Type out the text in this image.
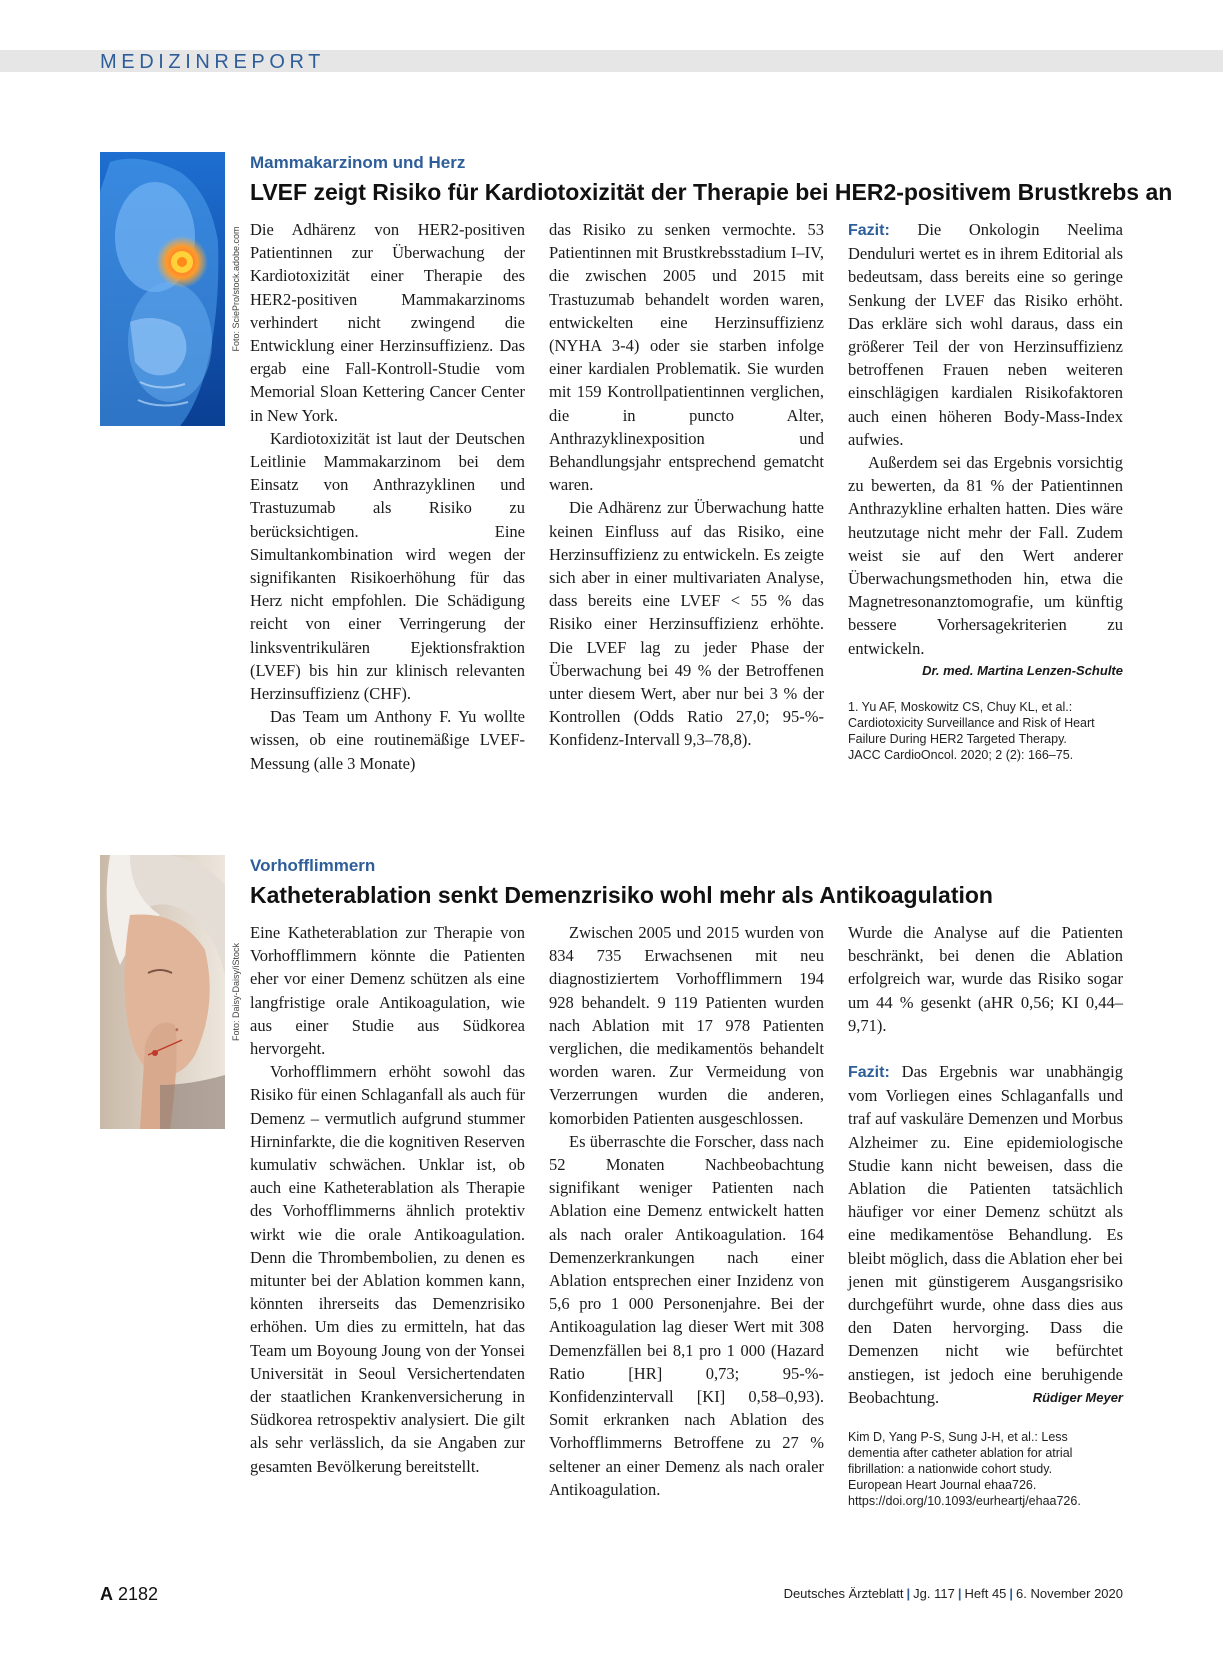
MEDIZINREPORT
Foto: SciePro/stock.adobe.com
Mammakarzinom und Herz
LVEF zeigt Risiko für Kardiotoxizität der Therapie bei HER2-positivem Brustkrebs an

Die Adhärenz von HER2-positiven Patientinnen zur Überwachung der Kardiotoxizität einer Therapie des HER2-positiven Mammakarzinoms verhindert nicht zwingend die Entwicklung einer Herzinsuffizienz. Das ergab eine Fall-Kontroll-Studie vom Memorial Sloan Kettering Cancer Center in New York.

Kardiotoxizität ist laut der Deutschen Leitlinie Mammakarzinom bei dem Einsatz von Anthrazyklinen und Trastuzumab als Risiko zu berücksichtigen. Eine Simultankombination wird wegen der signifikanten Risikoerhöhung für das Herz nicht empfohlen. Die Schädigung reicht von einer Verringerung der linksventrikulären Ejektionsfraktion (LVEF) bis hin zur klinisch relevanten Herzinsuffizienz (CHF).

Das Team um Anthony F. Yu wollte wissen, ob eine routinemäßige LVEF-Messung (alle 3 Monate)

das Risiko zu senken vermochte. 53 Patientinnen mit Brustkrebsstadium I–IV, die zwischen 2005 und 2015 mit Trastuzumab behandelt worden waren, entwickelten eine Herzinsuffizienz (NYHA 3-4) oder sie starben infolge einer kardialen Problematik. Sie wurden mit 159 Kontrollpatientinnen verglichen, die in puncto Alter, Anthrazyklinexposition und Behandlungsjahr entsprechend gematcht waren.

Die Adhärenz zur Überwachung hatte keinen Einfluss auf das Risiko, eine Herzinsuffizienz zu entwickeln. Es zeigte sich aber in einer multivariaten Analyse, dass bereits eine LVEF < 55 % das Risiko einer Herzinsuffizienz erhöhte. Die LVEF lag zu jeder Phase der Überwachung bei 49 % der Betroffenen unter diesem Wert, aber nur bei 3 % der Kontrollen (Odds Ratio 27,0; 95-%-Konfidenz-Intervall 9,3–78,8).

Fazit: Die Onkologin Neelima Denduluri wertet es in ihrem Editorial als bedeutsam, dass bereits eine so geringe Senkung der LVEF das Risiko erhöht. Das erkläre sich wohl daraus, dass ein größerer Teil der von Herzinsuffizienz betroffenen Frauen neben weiteren einschlägigen kardialen Risikofaktoren auch einen höheren Body-Mass-Index aufwies.

Außerdem sei das Ergebnis vorsichtig zu bewerten, da 81 % der Patientinnen Anthrazykline erhalten hatten. Dies wäre heutzutage nicht mehr der Fall. Zudem weist sie auf den Wert anderer Überwachungsmethoden hin, etwa die Magnetresonanztomografie, um künftig bessere Vorhersagekriterien zu entwickeln.

Dr. med. Martina Lenzen-Schulte
1. Yu AF, Moskowitz CS, Chuy KL, et al.:
Cardiotoxicity Surveillance and Risk of Heart
Failure During HER2 Targeted Therapy.
JACC CardioOncol. 2020; 2 (2): 166–75.
Foto: Daisy-Daisy/iStock
Vorhofflimmern
Katheterablation senkt Demenzrisiko wohl mehr als Antikoagulation

Eine Katheterablation zur Therapie von Vorhofflimmern könnte die Patienten eher vor einer Demenz schützen als eine langfristige orale Antikoagulation, wie aus einer Studie aus Südkorea hervorgeht.

Vorhofflimmern erhöht sowohl das Risiko für einen Schlaganfall als auch für Demenz – vermutlich aufgrund stummer Hirninfarkte, die die kognitiven Reserven kumulativ schwächen. Unklar ist, ob auch eine Katheterablation als Therapie des Vorhofflimmerns ähnlich protektiv wirkt wie die orale Antikoagulation. Denn die Thrombembolien, zu denen es mitunter bei der Ablation kommen kann, könnten ihrerseits das Demenzrisiko erhöhen. Um dies zu ermitteln, hat das Team um Boyoung Joung von der Yonsei Universität in Seoul Versichertendaten der staatlichen Krankenversicherung in Südkorea retrospektiv analysiert. Die gilt als sehr verlässlich, da sie Angaben zur gesamten Bevölkerung bereitstellt.

Zwischen 2005 und 2015 wurden von 834 735 Erwachsenen mit neu diagnostiziertem Vorhofflimmern 194 928 behandelt. 9 119 Patienten wurden nach Ablation mit 17 978 Patienten verglichen, die medikamentös behandelt worden waren. Zur Vermeidung von Verzerrungen wurden die anderen, komorbiden Patienten ausgeschlossen.

Es überraschte die Forscher, dass nach 52 Monaten Nachbeobachtung signifikant weniger Patienten nach Ablation eine Demenz entwickelt hatten als nach oraler Antikoagulation. 164 Demenzerkrankungen nach einer Ablation entsprechen einer Inzidenz von 5,6 pro 1 000 Personenjahre. Bei der Antikoagulation lag dieser Wert mit 308 Demenzfällen bei 8,1 pro 1 000 (Hazard Ratio [HR] 0,73; 95-%-Konfidenzintervall [KI] 0,58–0,93). Somit erkranken nach Ablation des Vorhofflimmerns Betroffene zu 27 % seltener an einer Demenz als nach oraler Antikoagulation.

Wurde die Analyse auf die Patienten beschränkt, bei denen die Ablation erfolgreich war, wurde das Risiko sogar um 44 % gesenkt (aHR 0,56; KI 0,44–9,71).

Fazit: Das Ergebnis war unabhängig vom Vorliegen eines Schlaganfalls und traf auf vaskuläre Demenzen und Morbus Alzheimer zu. Eine epidemiologische Studie kann nicht beweisen, dass die Ablation die Patienten tatsächlich häufiger vor einer Demenz schützt als eine medikamentöse Behandlung. Es bleibt möglich, dass die Ablation eher bei jenen mit günstigerem Ausgangsrisiko durchgeführt wurde, ohne dass dies aus den Daten hervorging. Dass die Demenzen nicht wie befürchtet anstiegen, ist jedoch eine beruhigende Beobachtung.	Rüdiger Meyer

Kim D, Yang P-S, Sung J-H, et al.: Less
dementia after catheter ablation for atrial
fibrillation: a nationwide cohort study.
European Heart Journal ehaa726.
https://doi.org/10.1093/eurheartj/ehaa726.
A 2182	Deutsches Ärzteblatt | Jg. 117 | Heft 45 | 6. November 2020
